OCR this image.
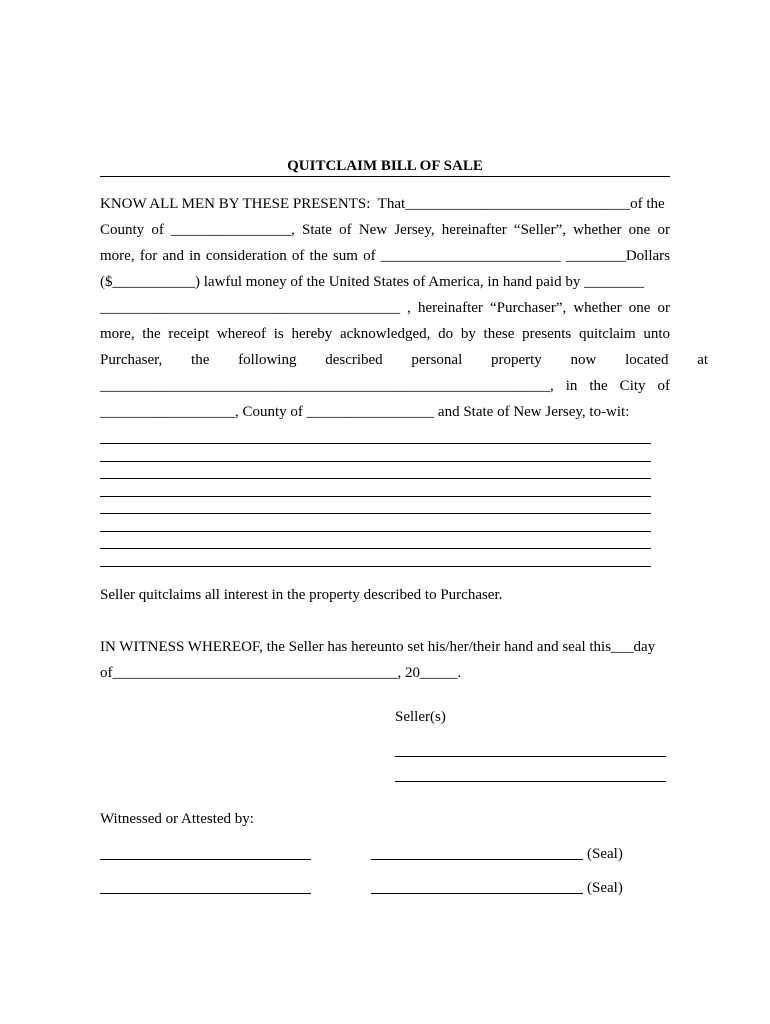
QUITCLAIM BILL OF SALE
KNOW ALL MEN BY THESE PRESENTS:  That______________________________of the
County of ________________, State of New Jersey, hereinafter “Seller”, whether one or
more, for and in consideration of the sum of ________________________ ________Dollars
($___________) lawful money of the United States of America, in hand paid by ________
________________________________________ , hereinafter “Purchaser”, whether one or
more, the receipt whereof is hereby acknowledged, do by these presents quitclaim unto
Purchaser, the following described personal property now located at
____________________________________________________________, in the City of
__________________, County of _________________ and State of New Jersey, to-wit:
Seller quitclaims all interest in the property described to Purchaser.
IN WITNESS WHEREOF, the Seller has hereunto set his/her/their hand and seal this___day
of______________________________________, 20_____.
Seller(s)
Witnessed or Attested by:
(Seal)
(Seal)
